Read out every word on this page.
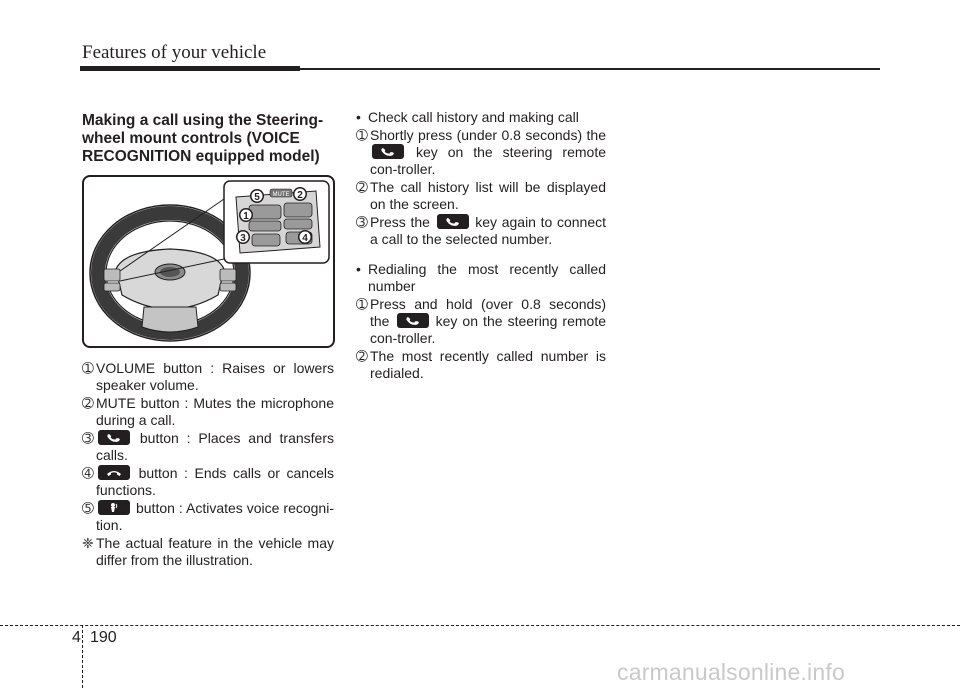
Features of your vehicle
Making a call using the Steering-
wheel mount controls (VOICE
RECOGNITION equipped model)
MUTE
5	2
1
3	4
➀ VOLUME button : Raises or lowers speaker volume.
➁ MUTE button : Mutes the microphone during a call.
➂	button : Places and transfers calls.
➃	button : Ends calls or cancels functions.
➄	button : Activates voice recogni-tion.
❈ The actual feature in the vehicle may differ from the illustration.
• Check call history and making call
➀ Shortly press (under 0.8 seconds) the
key on the steering remote con-troller.
➁ The call history list will be displayed on the screen.
➂ Press the	key again to connect a call to the selected number.
• Redialing the most recently called number
➀ Press and hold (over 0.8 seconds) the	key on the steering remote con-troller.
➁ The most recently called number is redialed.
4 190
carmanualsonline.info
